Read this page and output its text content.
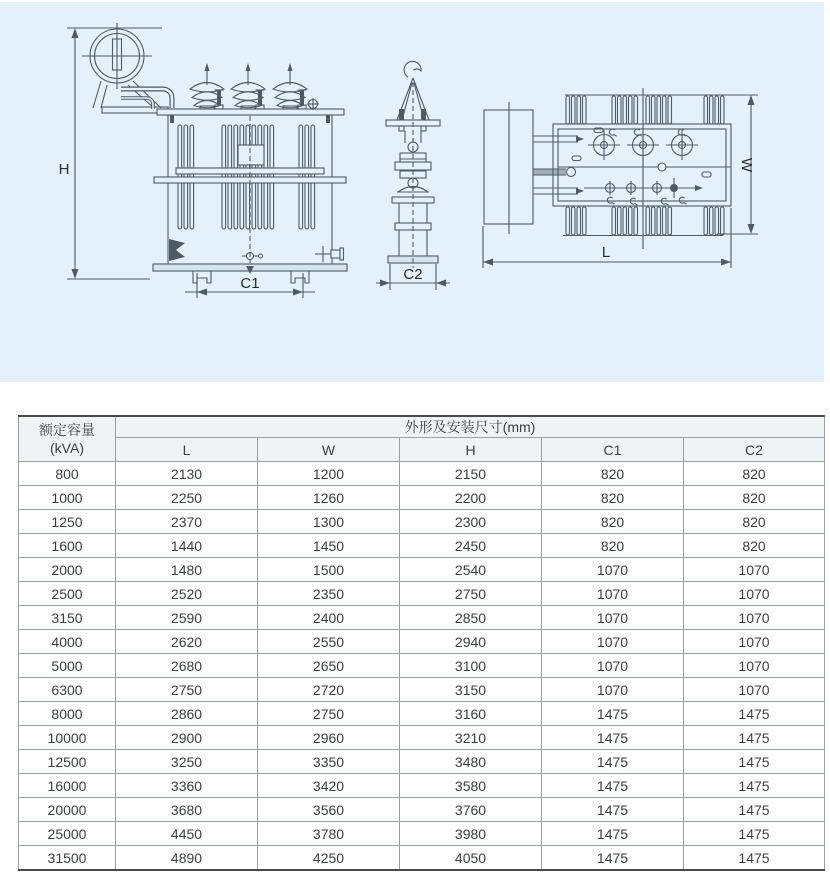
H
C1
C2
W
L
额定容量
(kVA)	外形及安装尺寸(mm)				
	L	W	H	C1	C2
800	2130	1200	2150	820	820
1000	2250	1260	2200	820	820
1250	2370	1300	2300	820	820
1600	1440	1450	2450	820	820
2000	1480	1500	2540	1070	1070
2500	2520	2350	2750	1070	1070
3150	2590	2400	2850	1070	1070
4000	2620	2550	2940	1070	1070
5000	2680	2650	3100	1070	1070
6300	2750	2720	3150	1070	1070
8000	2860	2750	3160	1475	1475
10000	2900	2960	3210	1475	1475
12500	3250	3350	3480	1475	1475
16000	3360	3420	3580	1475	1475
20000	3680	3560	3760	1475	1475
25000	4450	3780	3980	1475	1475
31500	4890	4250	4050	1475	1475
